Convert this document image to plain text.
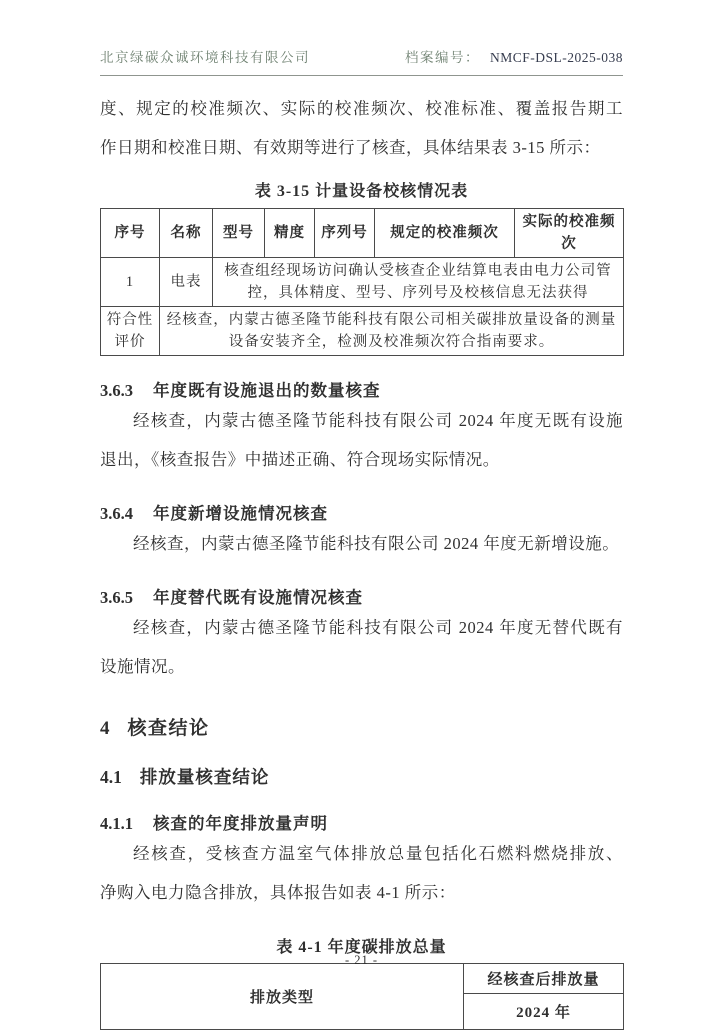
北京绿碳众诚环境科技有限公司	档案编号： NMCF-DSL-2025-038
度、规定的校准频次、实际的校准频次、校准标准、覆盖报告期工
作日期和校准日期、有效期等进行了核查，具体结果表 3-15 所示：
表 3-15 计量设备校核情况表
序号	名称	型号	精度	序列号	规定的校准频次	实际的校准频次
1	电表	核查组经现场访问确认受核查企业结算电表由电力公司管控，具体精度、型号、序列号及校核信息无法获得				
符合性评价	经核查，内蒙古德圣隆节能科技有限公司相关碳排放量设备的测量设备安装齐全，检测及校准频次符合指南要求。					
3.6.3 年度既有设施退出的数量核查
经核查，内蒙古德圣隆节能科技有限公司 2024 年度无既有设施
退出，《核查报告》中描述正确、符合现场实际情况。
3.6.4 年度新增设施情况核查
经核查，内蒙古德圣隆节能科技有限公司 2024 年度无新增设施。
3.6.5 年度替代既有设施情况核查
经核查，内蒙古德圣隆节能科技有限公司 2024 年度无替代既有
设施情况。
4 核查结论
4.1 排放量核查结论
4.1.1 核查的年度排放量声明
经核查，受核查方温室气体排放总量包括化石燃料燃烧排放、
净购入电力隐含排放，具体报告如表 4-1 所示：
表 4-1 年度碳排放总量
排放类型	经核查后排放量
2024 年
- 21 -
